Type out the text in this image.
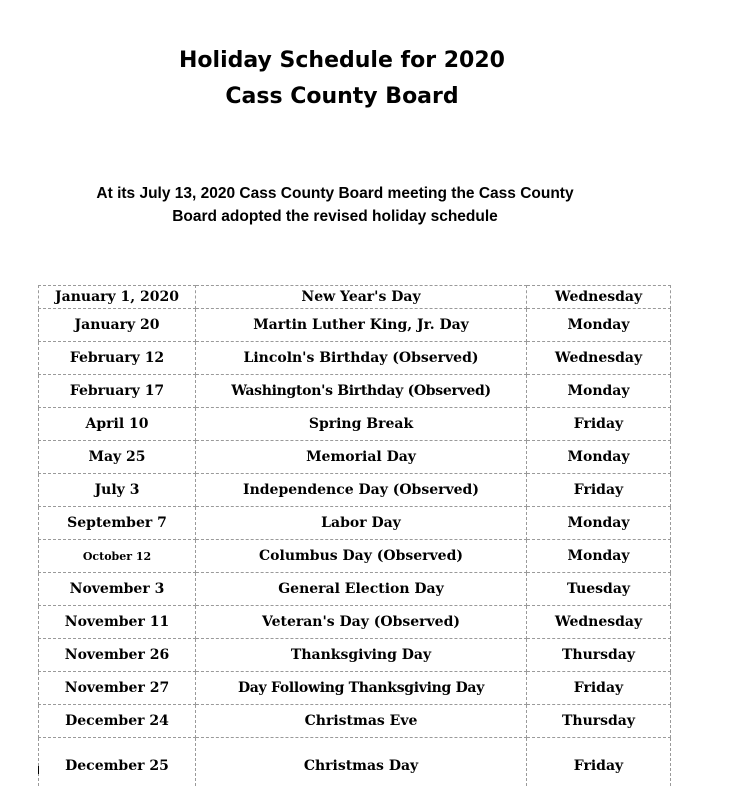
Holiday Schedule for 2020
Cass County Board

At its July 13, 2020 Cass County Board meeting the Cass County
Board adopted the revised holiday schedule

January 1, 2020	New Year's Day	Wednesday
January 20	Martin Luther King, Jr. Day	Monday
February 12	Lincoln's Birthday (Observed)	Wednesday
February 17	Washington's Birthday (Observed)	Monday
April 10	Spring Break	Friday
May 25	Memorial Day	Monday
July 3	Independence Day (Observed)	Friday
September 7	Labor Day	Monday
October 12	Columbus Day (Observed)	Monday
November 3	General Election Day	Tuesday
November 11	Veteran's Day (Observed)	Wednesday
November 26	Thanksgiving Day	Thursday
November 27	Day Following Thanksgiving Day	Friday
December 24	Christmas Eve	Thursday
December 25	Christmas Day	Friday
